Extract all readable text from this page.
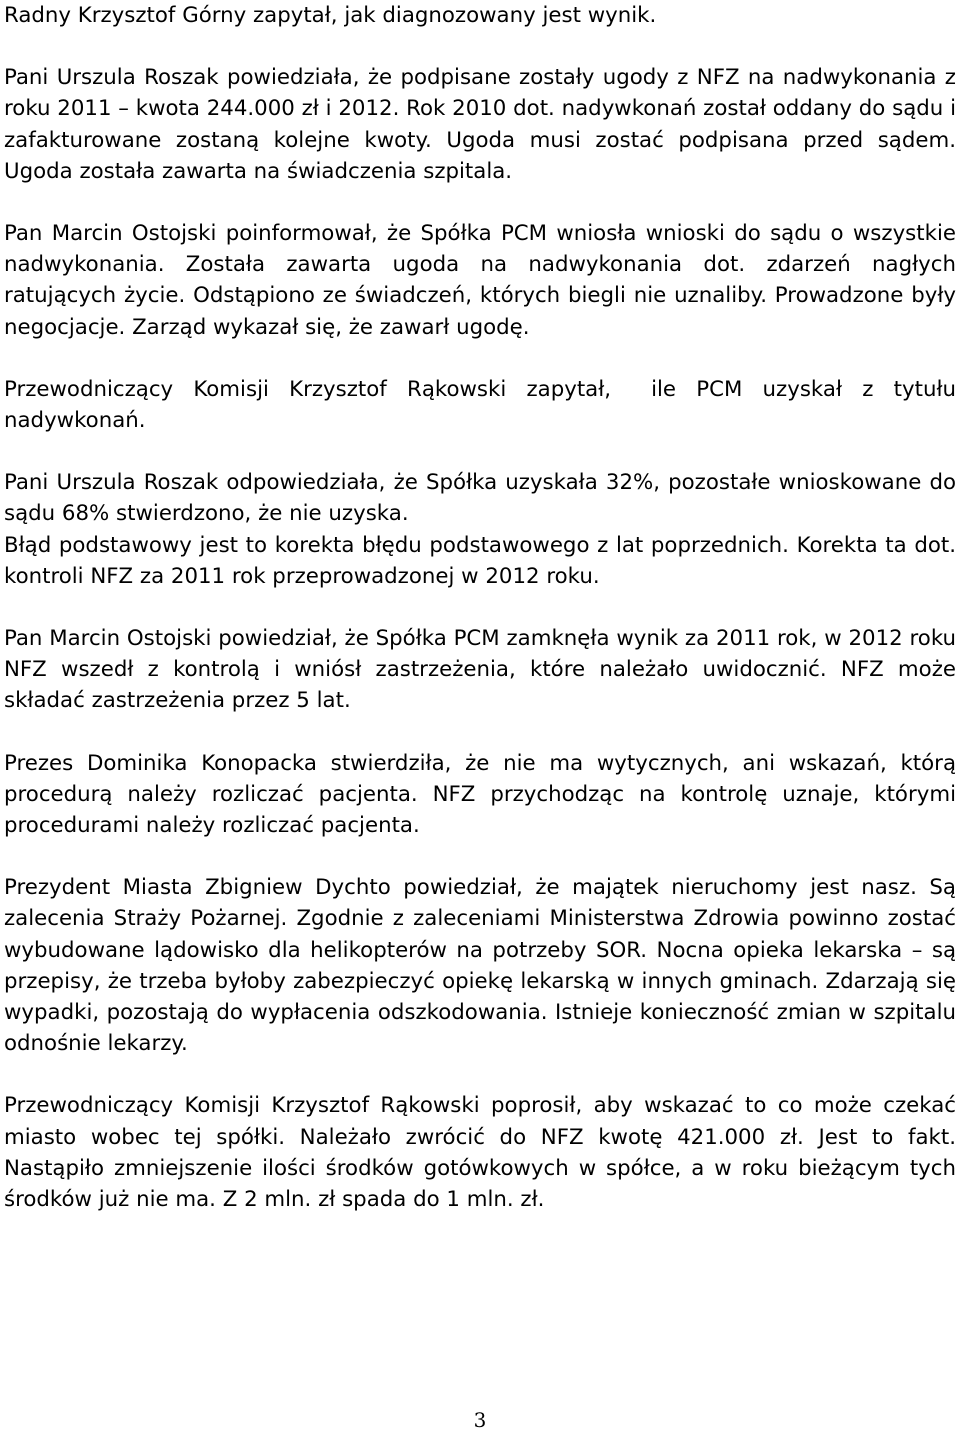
Radny Krzysztof Górny zapytał, jak diagnozowany jest wynik.

Pani Urszula Roszak powiedziała, że podpisane zostały ugody z NFZ na nadwykonania z roku 2011 – kwota 244.000 zł i 2012. Rok 2010 dot. nadywkonań został oddany do sądu i zafakturowane zostaną kolejne kwoty. Ugoda musi zostać podpisana przed sądem. Ugoda została zawarta na świadczenia szpitala.

Pan Marcin Ostojski poinformował, że Spółka PCM wniosła wnioski do sądu o wszystkie nadwykonania. Została zawarta ugoda na nadwykonania dot. zdarzeń nagłych ratujących życie. Odstąpiono ze świadczeń, których biegli nie uznaliby. Prowadzone były negocjacje. Zarząd wykazał się, że zawarł ugodę.

Przewodniczący Komisji Krzysztof Rąkowski zapytał, ile PCM uzyskał z tytułu nadywkonań.

Pani Urszula Roszak odpowiedziała, że Spółka uzyskała 32%, pozostałe wnioskowane do sądu 68% stwierdzono, że nie uzyska.

Błąd podstawowy jest to korekta błędu podstawowego z lat poprzednich. Korekta ta dot. kontroli NFZ za 2011 rok przeprowadzonej w 2012 roku.

Pan Marcin Ostojski powiedział, że Spółka PCM zamknęła wynik za 2011 rok, w 2012 roku NFZ wszedł z kontrolą i wniósł zastrzeżenia, które należało uwidocznić. NFZ może składać zastrzeżenia przez 5 lat.

Prezes Dominika Konopacka stwierdziła, że nie ma wytycznych, ani wskazań, którą procedurą należy rozliczać pacjenta. NFZ przychodząc na kontrolę uznaje, którymi procedurami należy rozliczać pacjenta.

Prezydent Miasta Zbigniew Dychto powiedział, że majątek nieruchomy jest nasz. Są zalecenia Straży Pożarnej. Zgodnie z zaleceniami Ministerstwa Zdrowia powinno zostać wybudowane lądowisko dla helikopterów na potrzeby SOR. Nocna opieka lekarska – są przepisy, że trzeba byłoby zabezpieczyć opiekę lekarską w innych gminach. Zdarzają się wypadki, pozostają do wypłacenia odszkodowania. Istnieje konieczność zmian w szpitalu odnośnie lekarzy.

Przewodniczący Komisji Krzysztof Rąkowski poprosił, aby wskazać to co może czekać miasto wobec tej spółki. Należało zwrócić do NFZ kwotę 421.000 zł. Jest to fakt. Nastąpiło zmniejszenie ilości środków gotówkowych w spółce, a w roku bieżącym tych środków już nie ma. Z 2 mln. zł spada do 1 mln. zł.

3
